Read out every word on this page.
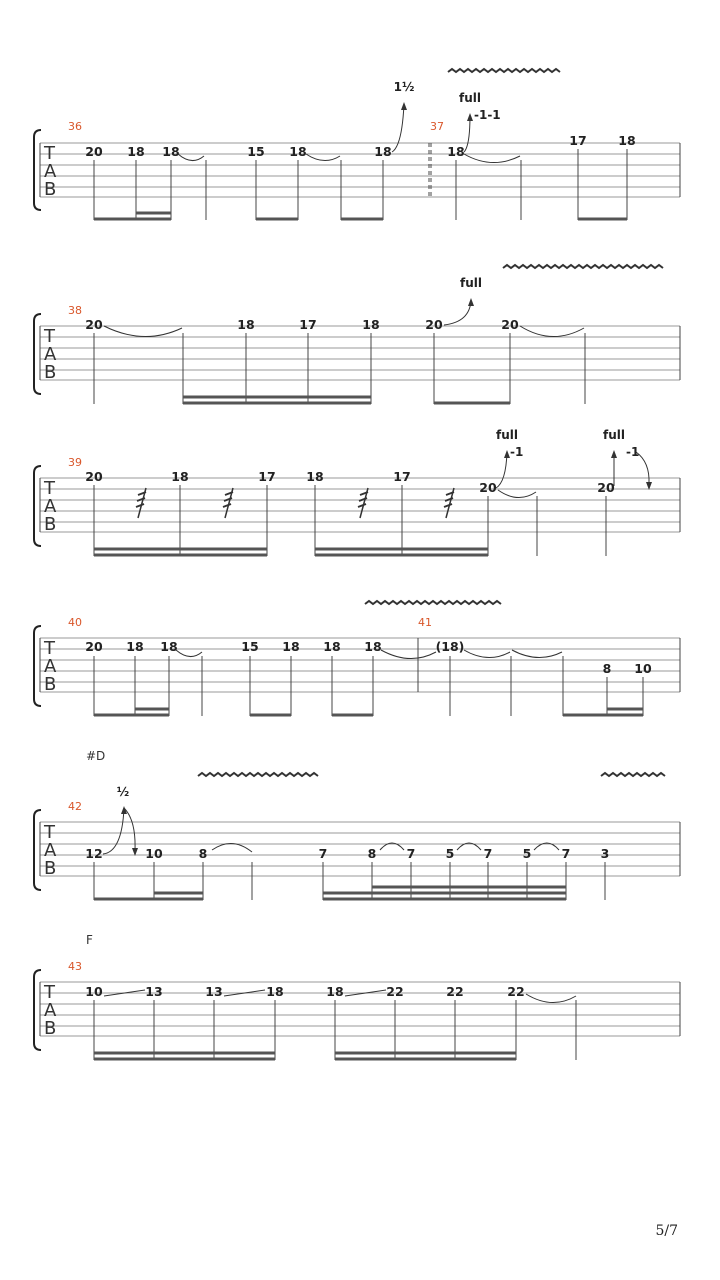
T
A
B
36	37
20 18 18	15 18	18	18
17	18
1½
full
-1-1
T
A
B
38
20	18	17	18	20	20
full
T
A
B
39
20	18	17 18	17
20	20
full
-1
full
-1
T
A
B
40	41
20 18 18	15 18 18 18	(18)
8 10
#D
T
A
B
42
12	10	8	7	8 7 5 7 5 7 3
½
F
T
A
B
43
10	13	13	18	18	22	22	22
5/7
